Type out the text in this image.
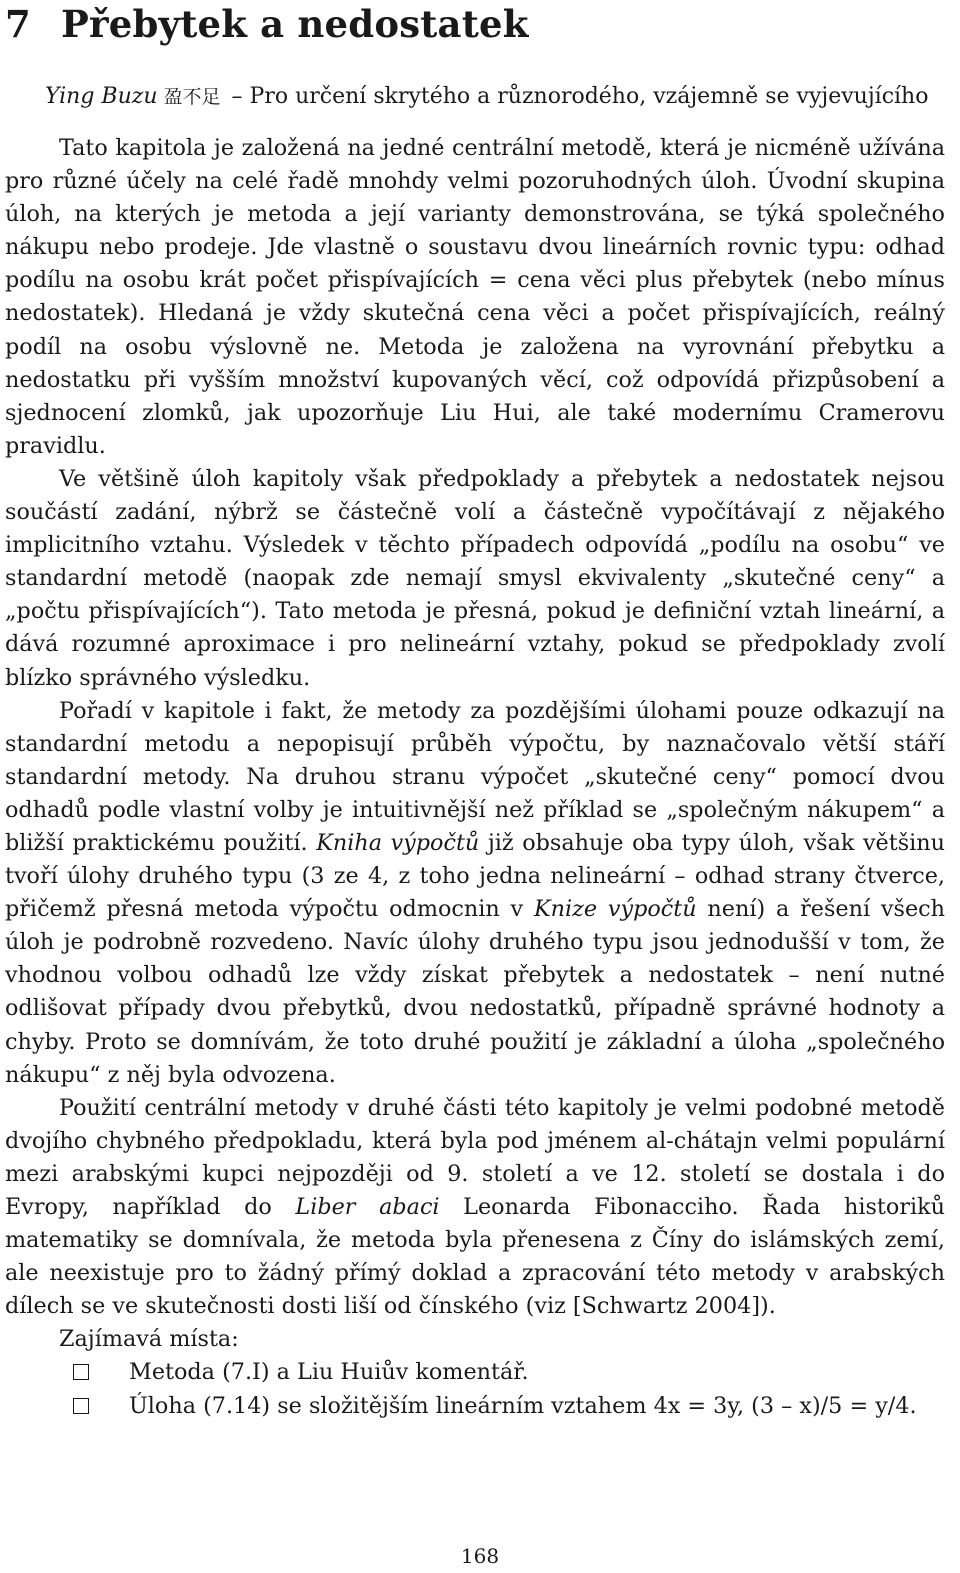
7 Přebytek a nedostatek
Ying Buzu 盈不足 – Pro určení skrytého a různorodého, vzájemně se vyjevujícího

Tato kapitola je založená na jedné centrální metodě, která je nicméně užívána pro různé účely na celé řadě mnohdy velmi pozoruhodných úloh. Úvodní skupina úloh, na kterých je metoda a její varianty demonstrována, se týká společného nákupu nebo prodeje. Jde vlastně o soustavu dvou lineárních rovnic typu: odhad podílu na osobu krát počet přispívajících = cena věci plus přebytek (nebo mínus nedostatek). Hledaná je vždy skutečná cena věci a počet přispívajících, reálný podíl na osobu výslovně ne. Metoda je založena na vyrovnání přebytku a nedostatku při vyšším množství kupovaných věcí, což odpovídá přizpůsobení a sjednocení zlomků, jak upozorňuje Liu Hui, ale také modernímu Cramerovu pravidlu.

Ve většině úloh kapitoly však předpoklady a přebytek a nedostatek nejsou součástí zadání, nýbrž se částečně volí a částečně vypočítávají z nějakého implicitního vztahu. Výsledek v těchto případech odpovídá „podílu na osobu“ ve standardní metodě (naopak zde nemají smysl ekvivalenty „skutečné ceny“ a „počtu přispívajících“). Tato metoda je přesná, pokud je definiční vztah lineární, a dává rozumné aproximace i pro nelineární vztahy, pokud se předpoklady zvolí blízko správného výsledku.

Pořadí v kapitole i fakt, že metody za pozdějšími úlohami pouze odkazují na standardní metodu a nepopisují průběh výpočtu, by naznačovalo větší stáří standardní metody. Na druhou stranu výpočet „skutečné ceny“ pomocí dvou odhadů podle vlastní volby je intuitivnější než příklad se „společným nákupem“ a bližší praktickému použití. Kniha výpočtů již obsahuje oba typy úloh, však většinu tvoří úlohy druhého typu (3 ze 4, z toho jedna nelineární – odhad strany čtverce, přičemž přesná metoda výpočtu odmocnin v Knize výpočtů není) a řešení všech úloh je podrobně rozvedeno. Navíc úlohy druhého typu jsou jednodušší v tom, že vhodnou volbou odhadů lze vždy získat přebytek a nedostatek – není nutné odlišovat případy dvou přebytků, dvou nedostatků, případně správné hodnoty a chyby. Proto se domnívám, že toto druhé použití je základní a úloha „společného nákupu“ z něj byla odvozena.

Použití centrální metody v druhé části této kapitoly je velmi podobné metodě dvojího chybného předpokladu, která byla pod jménem al-chátajn velmi populární mezi arabskými kupci nejpozději od 9. století a ve 12. století se dostala i do Evropy, například do Liber abaci Leonarda Fibonacciho. Řada historiků matematiky se domnívala, že metoda byla přenesena z Číny do islámských zemí, ale neexistuje pro to žádný přímý doklad a zpracování této metody v arabských dílech se ve skutečnosti dosti liší od čínského (viz [Schwartz 2004]).

Zajímavá místa:

Metoda (7.I) a Liu Huiův komentář.
Úloha (7.14) se složitějším lineárním vztahem 4x = 3y, (3 – x)/5 = y/4.
168
